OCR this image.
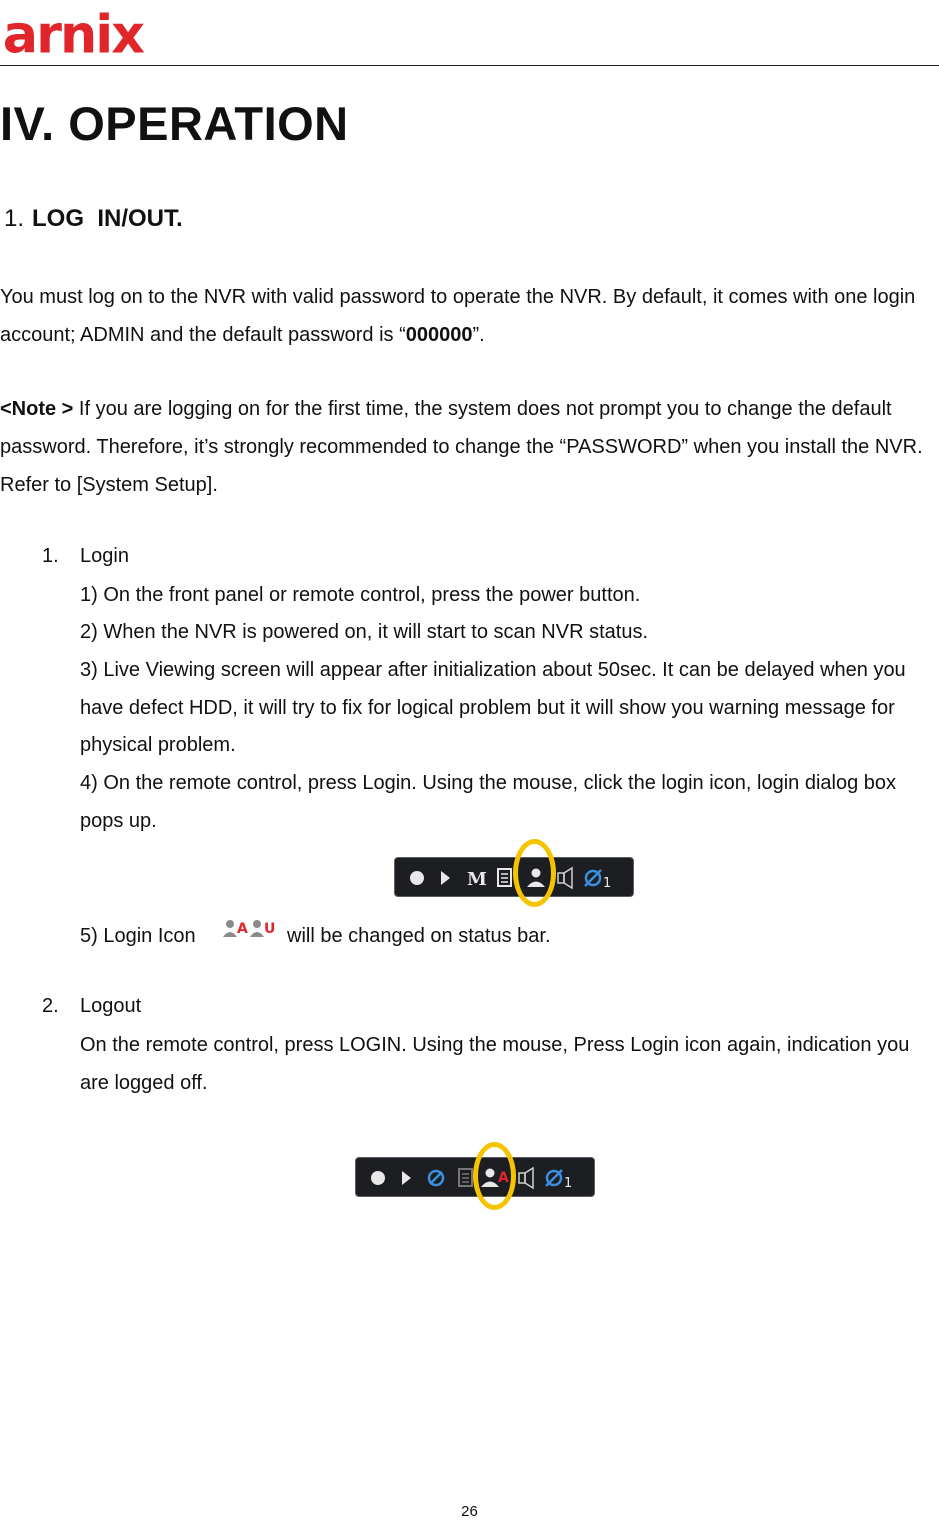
arnix
IV. OPERATION
1. LOG  IN/OUT.

You must log on to the NVR with valid password to operate the NVR. By default, it comes with one login account; ADMIN and the default password is “000000”.

<Note > If you are logging on for the first time, the system does not prompt you to change the default password. Therefore, it’s strongly recommended to change the “PASSWORD” when you install the NVR. Refer to [System Setup].

1. Login

1) On the front panel or remote control, press the power button.

2) When the NVR is powered on, it will start to scan NVR status.

3) Live Viewing screen will appear after initialization about 50sec. It can be delayed when you have defect HDD, it will try to fix for logical problem but it will show you warning message for physical problem.

4) On the remote control, press Login. Using the mouse, click the login icon, login dialog box pops up.

M	1
5) Login Icon	A U will be changed on status bar.
2. Logout

On the remote control, press LOGIN. Using the mouse, Press Login icon again, indication you are logged off.

A	1
26
